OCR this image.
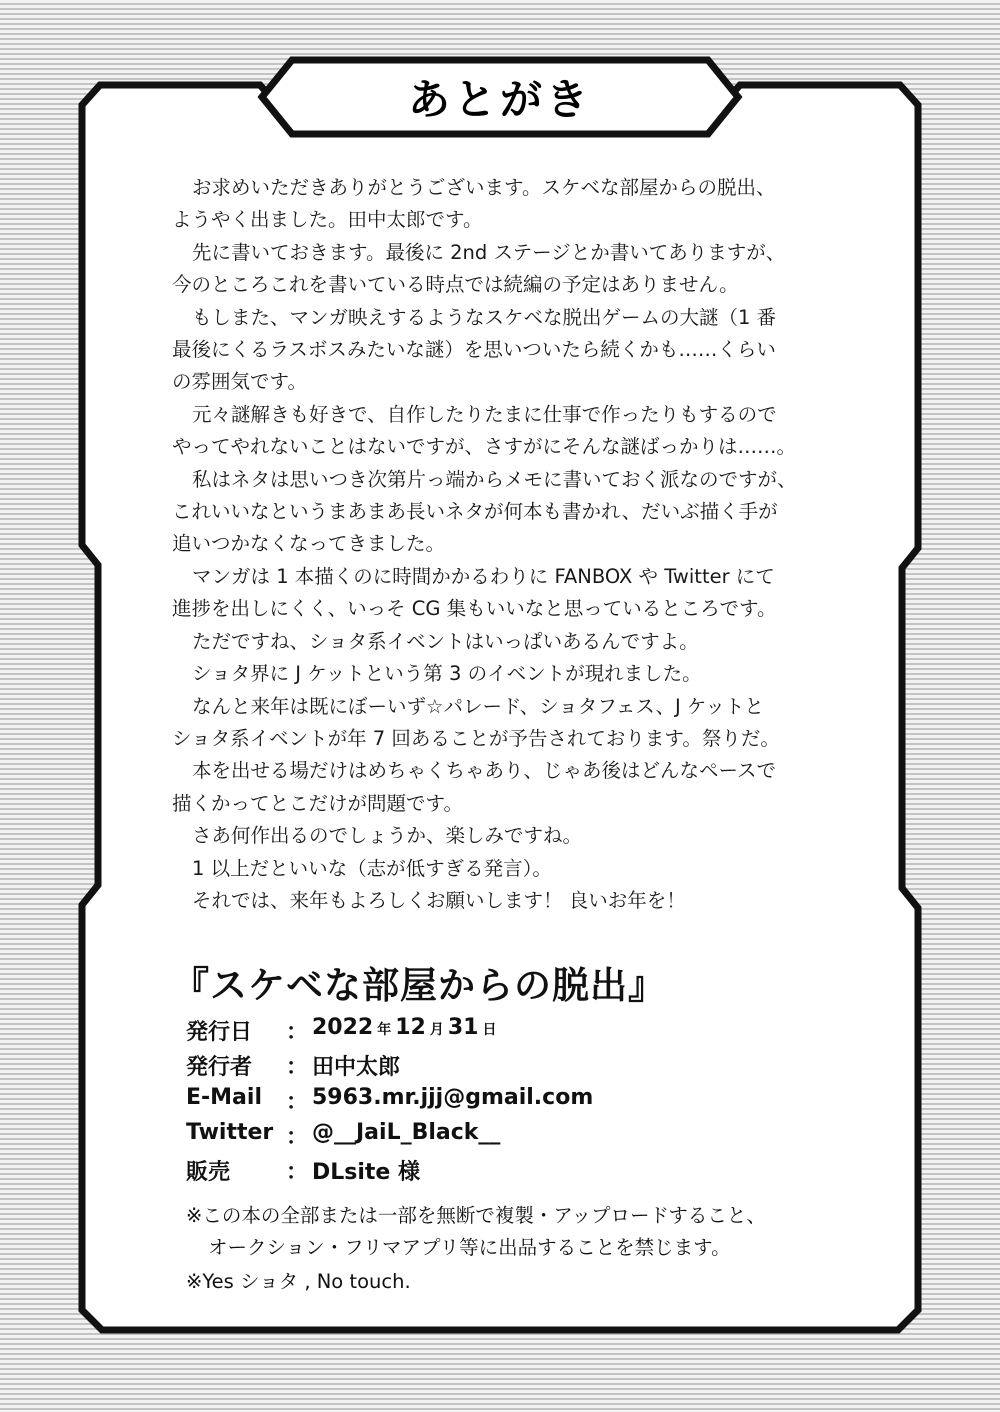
あとがき
お求めいただきありがとうございます。スケベな部屋からの脱出、
ようやく出ました。田中太郎です。
先に書いておきます。最後に 2nd ステージとか書いてありますが、
今のところこれを書いている時点では続編の予定はありません。
もしまた、マンガ映えするようなスケベな脱出ゲームの大謎（1 番
最後にくるラスボスみたいな謎）を思いついたら続くかも……くらい
の雰囲気です。
元々謎解きも好きで、自作したりたまに仕事で作ったりもするので
やってやれないことはないですが、さすがにそんな謎ばっかりは……。
私はネタは思いつき次第片っ端からメモに書いておく派なのですが、
これいいなというまあまあ長いネタが何本も書かれ、だいぶ描く手が
追いつかなくなってきました。
マンガは 1 本描くのに時間かかるわりに FANBOX や Twitter にて
進捗を出しにくく、いっそ CG 集もいいなと思っているところです。
ただですね、ショタ系イベントはいっぱいあるんですよ。
ショタ界に J ケットという第 3 のイベントが現れました。
なんと来年は既にぼーいず☆パレード、ショタフェス、J ケットと
ショタ系イベントが年 7 回あることが予告されております。祭りだ。
本を出せる場だけはめちゃくちゃあり、じゃあ後はどんなペースで
描くかってとこだけが問題です。
さあ何作出るのでしょうか、楽しみですね。
1 以上だといいな（志が低すぎる発言）。
それでは、来年もよろしくお願いします！ 良いお年を！
『スケベな部屋からの脱出』
発行日 ： 2022 年 12 月 31 日
発行者 ： 田中太郎
E-Mail ： 5963.mr.jjj@gmail.com
Twitter ： @__JaiL_Black__
販売	： DLsite 様
※この本の全部または一部を無断で複製・アップロードすること、
オークション・フリマアプリ等に出品することを禁じます。
※Yes ショタ , No touch.
